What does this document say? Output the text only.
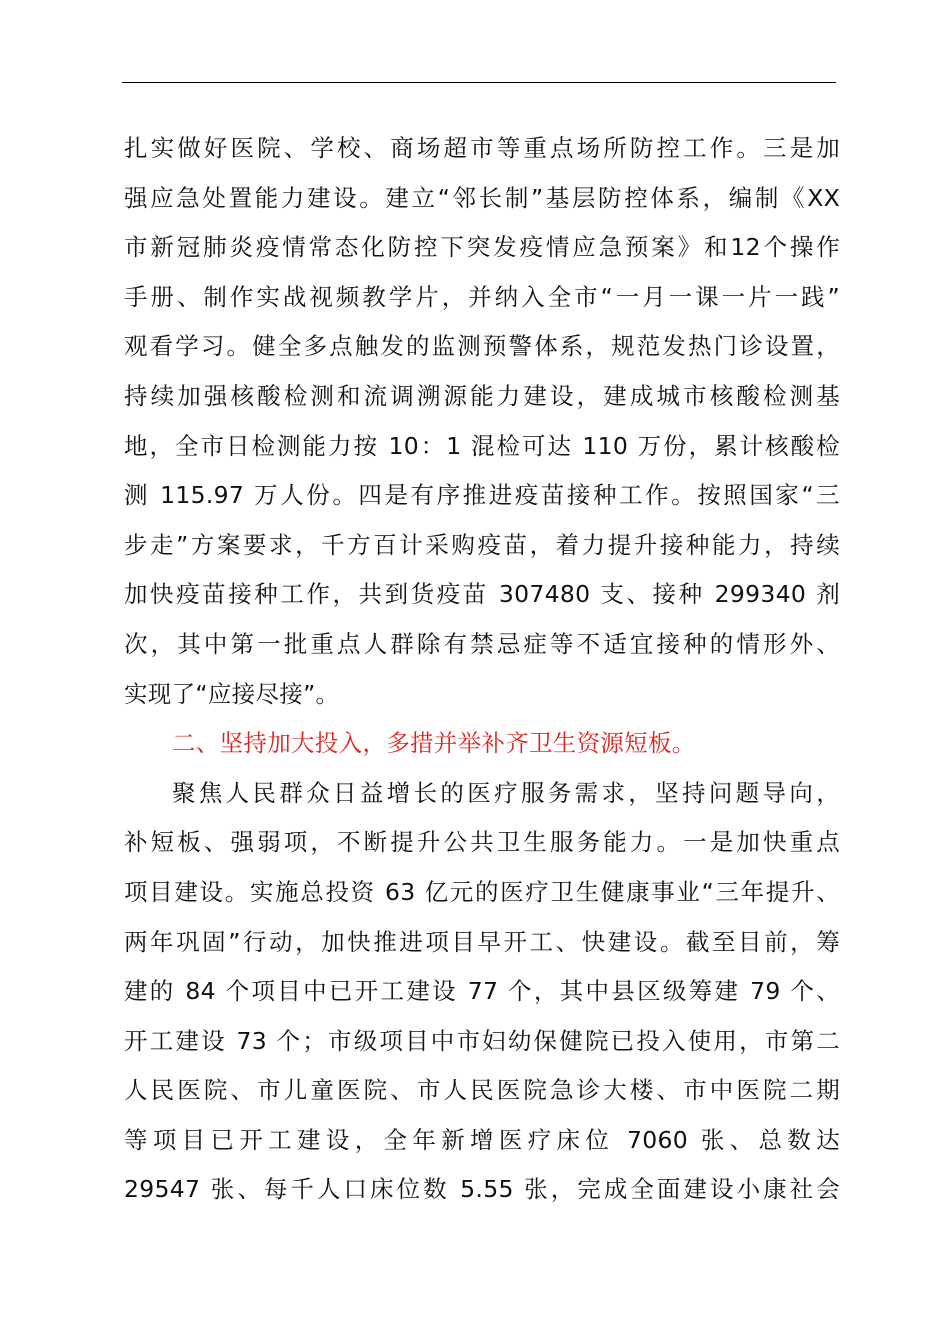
扎实做好医院、学校、商场超市等重点场所防控工作。三是加
强应急处置能力建设。建立“邻长制”基层防控体系，编制《XX
市新冠肺炎疫情常态化防控下突发疫情应急预案》和12个操作
手册、制作实战视频教学片，并纳入全市“一月一课一片一践”
观看学习。健全多点触发的监测预警体系，规范发热门诊设置，
持续加强核酸检测和流调溯源能力建设，建成城市核酸检测基
地，全市日检测能力按 10：1 混检可达 110 万份，累计核酸检
测 115.97 万人份。四是有序推进疫苗接种工作。按照国家“三
步走”方案要求，千方百计采购疫苗，着力提升接种能力，持续
加快疫苗接种工作，共到货疫苗 307480 支、接种 299340 剂
次，其中第一批重点人群除有禁忌症等不适宜接种的情形外、
实现了“应接尽接”。
二、坚持加大投入，多措并举补齐卫生资源短板。
聚焦人民群众日益增长的医疗服务需求，坚持问题导向，
补短板、强弱项，不断提升公共卫生服务能力。一是加快重点
项目建设。实施总投资 63 亿元的医疗卫生健康事业“三年提升、
两年巩固”行动，加快推进项目早开工、快建设。截至目前，筹
建的 84 个项目中已开工建设 77 个，其中县区级筹建 79 个、
开工建设 73 个；市级项目中市妇幼保健院已投入使用，市第二
人民医院、市儿童医院、市人民医院急诊大楼、市中医院二期
等项目已开工建设，全年新增医疗床位 7060 张、总数达
29547 张、每千人口床位数 5.55 张，完成全面建设小康社会
